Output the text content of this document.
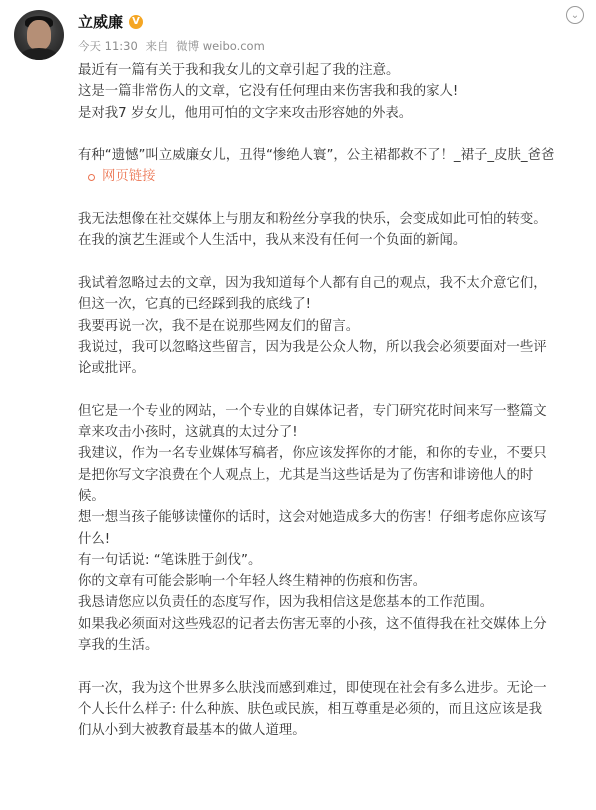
立威廉 V
今天 11:30 来自 微博 weibo.com
⌄

最近有一篇有关于我和我女儿的文章引起了我的注意。

这是一篇非常伤人的文章，它没有任何理由来伤害我和我的家人!

是对我7 岁女儿，他用可怕的文字来攻击形容她的外表。

有种“遗憾”叫立威廉女儿，丑得“惨绝人寰”，公主裙都救不了！_裙子_皮肤_爸爸

网页链接

我无法想像在社交媒体上与朋友和粉丝分享我的快乐，会变成如此可怕的转变。

在我的演艺生涯或个人生活中，我从来没有任何一个负面的新闻。

我试着忽略过去的文章，因为我知道每个人都有自己的观点，我不太介意它们，

但这一次，它真的已经踩到我的底线了!

我要再说一次，我不是在说那些网友们的留言。

我说过，我可以忽略这些留言，因为我是公众人物，所以我会必须要面对一些评

论或批评。

但它是一个专业的网站，一个专业的自媒体记者，专门研究花时间来写一整篇文

章来攻击小孩时，这就真的太过分了!

我建议，作为一名专业媒体写稿者，你应该发挥你的才能，和你的专业，不要只

是把你写文字浪费在个人观点上，尤其是当这些话是为了伤害和诽谤他人的时

候。

想一想当孩子能够读懂你的话时，这会对她造成多大的伤害！仔细考虑你应该写

什么!

有一句话说: “笔诛胜于剑伐”。

你的文章有可能会影响一个年轻人终生精神的伤痕和伤害。

我恳请您应以负责任的态度写作，因为我相信这是您基本的工作范围。

如果我必须面对这些残忍的记者去伤害无辜的小孩，这不值得我在社交媒体上分

享我的生活。

再一次，我为这个世界多么肤浅而感到难过，即使现在社会有多么进步。无论一

个人长什么样子: 什么种族、肤色或民族，相互尊重是必须的，而且这应该是我

们从小到大被教育最基本的做人道理。
